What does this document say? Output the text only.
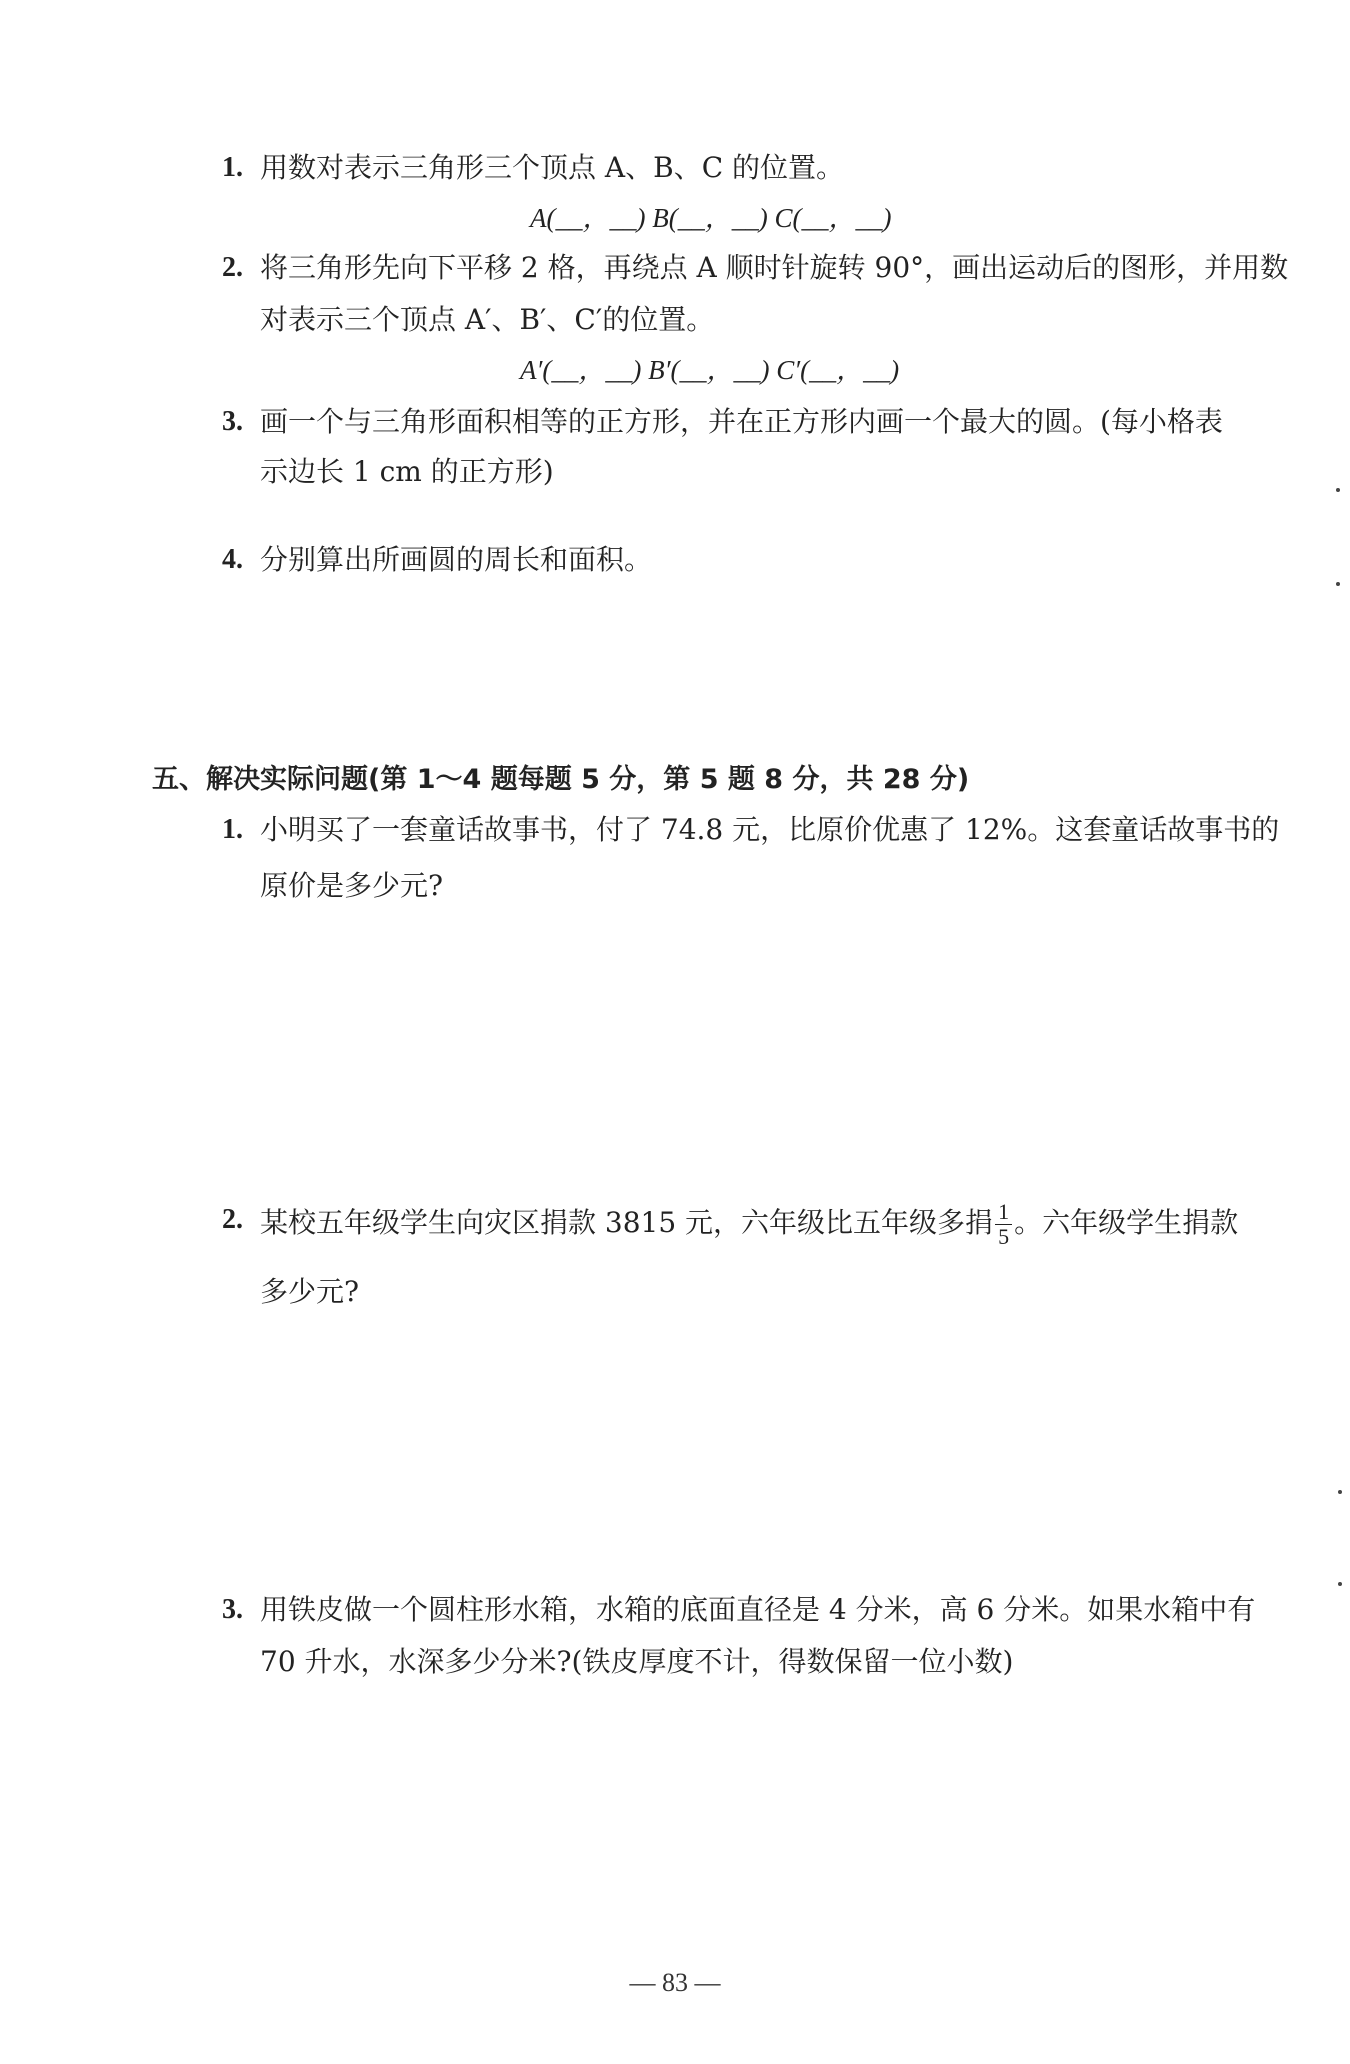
1. 用数对表示三角形三个顶点 A、B、C 的位置。
A(__，__) B(__，__) C(__，__)
2. 将三角形先向下平移 2 格，再绕点 A 顺时针旋转 90°，画出运动后的图形，并用数
对表示三个顶点 A′、B′、C′的位置。
A′(__，__) B′(__，__) C′(__，__)
3. 画一个与三角形面积相等的正方形，并在正方形内画一个最大的圆。(每小格表
示边长 1 cm 的正方形)
4. 分别算出所画圆的周长和面积。
五、解决实际问题(第 1～4 题每题 5 分，第 5 题 8 分，共 28 分)
1. 小明买了一套童话故事书，付了 74.8 元，比原价优惠了 12%。这套童话故事书的
原价是多少元?
2. 某校五年级学生向灾区捐款 3815 元，六年级比五年级多捐 $\frac{1}{5}$ 。六年级学生捐款
多少元?
3. 用铁皮做一个圆柱形水箱，水箱的底面直径是 4 分米，高 6 分米。如果水箱中有
70 升水，水深多少分米?(铁皮厚度不计，得数保留一位小数)
— 83 —
